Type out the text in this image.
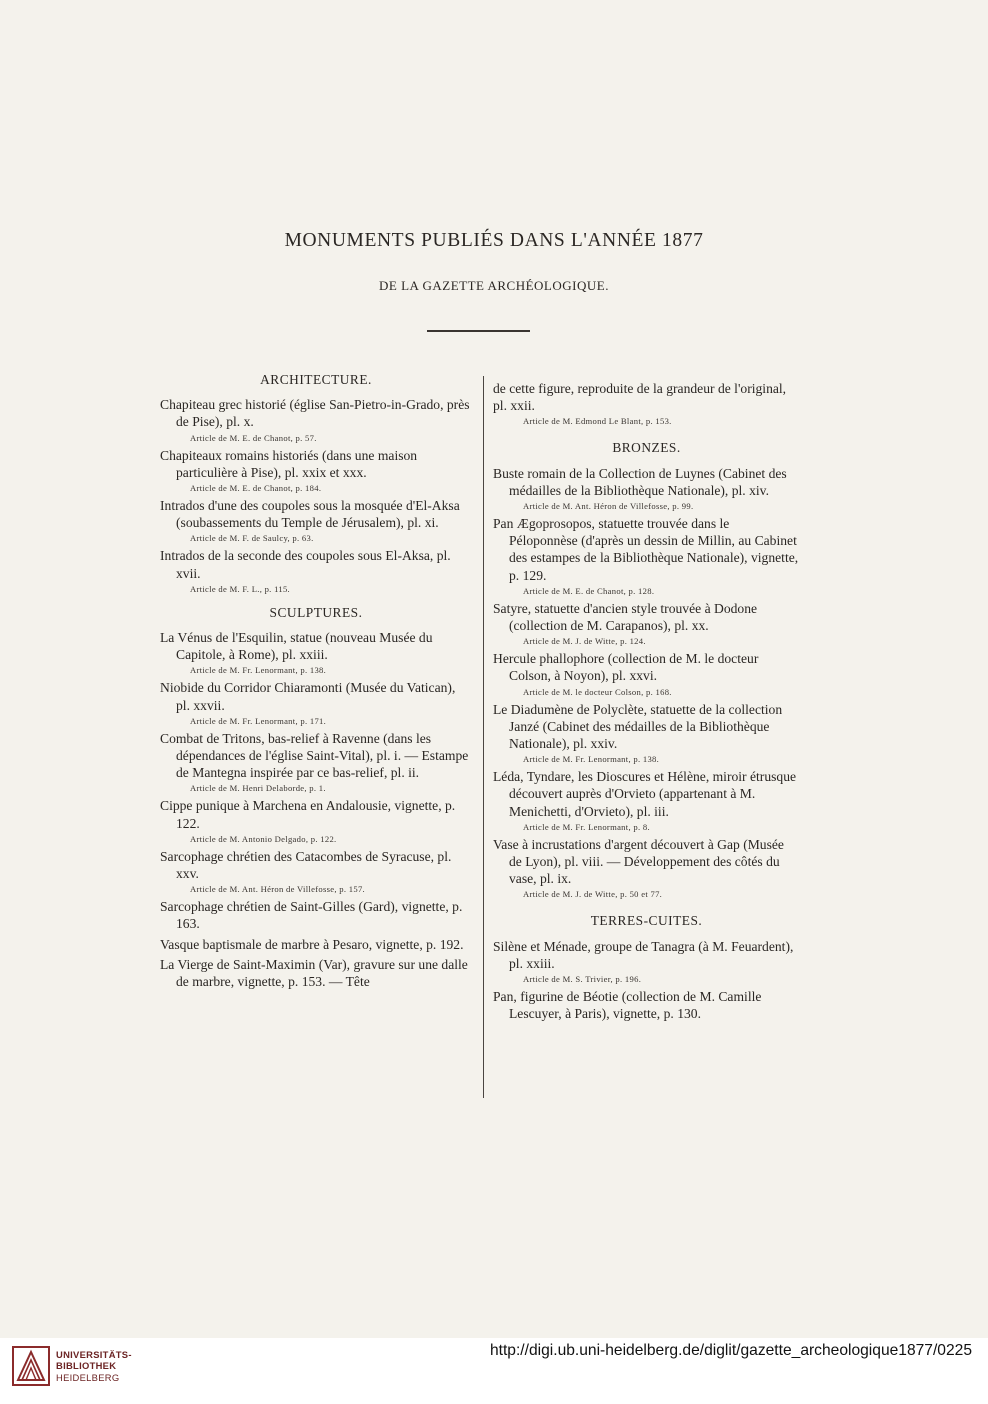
MONUMENTS PUBLIÉS DANS L'ANNÉE 1877
DE LA GAZETTE ARCHÉOLOGIQUE.
ARCHITECTURE.
Chapiteau grec historié (église San-Pietro-in-Grado, près de Pise), pl. x.
Article de M. E. de Chanot, p. 57.
Chapiteaux romains historiés (dans une maison particulière à Pise), pl. xxix et xxx.
Article de M. E. de Chanot, p. 184.
Intrados d'une des coupoles sous la mosquée d'El-Aksa (soubassements du Temple de Jérusalem), pl. xi.
Article de M. F. de Saulcy, p. 63.
Intrados de la seconde des coupoles sous El-Aksa, pl. xvii.
Article de M. F. L., p. 115.
SCULPTURES.
La Vénus de l'Esquilin, statue (nouveau Musée du Capitole, à Rome), pl. xxiii.
Article de M. Fr. Lenormant, p. 138.
Niobide du Corridor Chiaramonti (Musée du Vatican), pl. xxvii.
Article de M. Fr. Lenormant, p. 171.
Combat de Tritons, bas-relief à Ravenne (dans les dépendances de l'église Saint-Vital), pl. i. — Estampe de Mantegna inspirée par ce bas-relief, pl. ii.
Article de M. Henri Delaborde, p. 1.
Cippe punique à Marchena en Andalousie, vignette, p. 122.
Article de M. Antonio Delgado, p. 122.
Sarcophage chrétien des Catacombes de Syracuse, pl. xxv.
Article de M. Ant. Héron de Villefosse, p. 157.
Sarcophage chrétien de Saint-Gilles (Gard), vignette, p. 163.
Vasque baptismale de marbre à Pesaro, vignette, p. 192.
La Vierge de Saint-Maximin (Var), gravure sur une dalle de marbre, vignette, p. 153. — Tête
de cette figure, reproduite de la grandeur de l'original, pl. xxii.
Article de M. Edmond Le Blant, p. 153.
BRONZES.
Buste romain de la Collection de Luynes (Cabinet des médailles de la Bibliothèque Nationale), pl. xiv.
Article de M. Ant. Héron de Villefosse, p. 99.
Pan Ægoprosopos, statuette trouvée dans le Péloponnèse (d'après un dessin de Millin, au Cabinet des estampes de la Bibliothèque Nationale), vignette, p. 129.
Article de M. E. de Chanot, p. 128.
Satyre, statuette d'ancien style trouvée à Dodone (collection de M. Carapanos), pl. xx.
Article de M. J. de Witte, p. 124.
Hercule phallophore (collection de M. le docteur Colson, à Noyon), pl. xxvi.
Article de M. le docteur Colson, p. 168.
Le Diadumène de Polyclète, statuette de la collection Janzé (Cabinet des médailles de la Bibliothèque Nationale), pl. xxiv.
Article de M. Fr. Lenormant, p. 138.
Léda, Tyndare, les Dioscures et Hélène, miroir étrusque découvert auprès d'Orvieto (appartenant à M. Menichetti, d'Orvieto), pl. iii.
Article de M. Fr. Lenormant, p. 8.
Vase à incrustations d'argent découvert à Gap (Musée de Lyon), pl. viii. — Développement des côtés du vase, pl. ix.
Article de M. J. de Witte, p. 50 et 77.
TERRES-CUITES.
Silène et Ménade, groupe de Tanagra (à M. Feuardent), pl. xxiii.
Article de M. S. Trivier, p. 196.
Pan, figurine de Béotie (collection de M. Camille Lescuyer, à Paris), vignette, p. 130.
UNIVERSITÄTS-
BIBLIOTHEK
HEIDELBERG
http://digi.ub.uni-heidelberg.de/diglit/gazette_archeologique1877/0225
